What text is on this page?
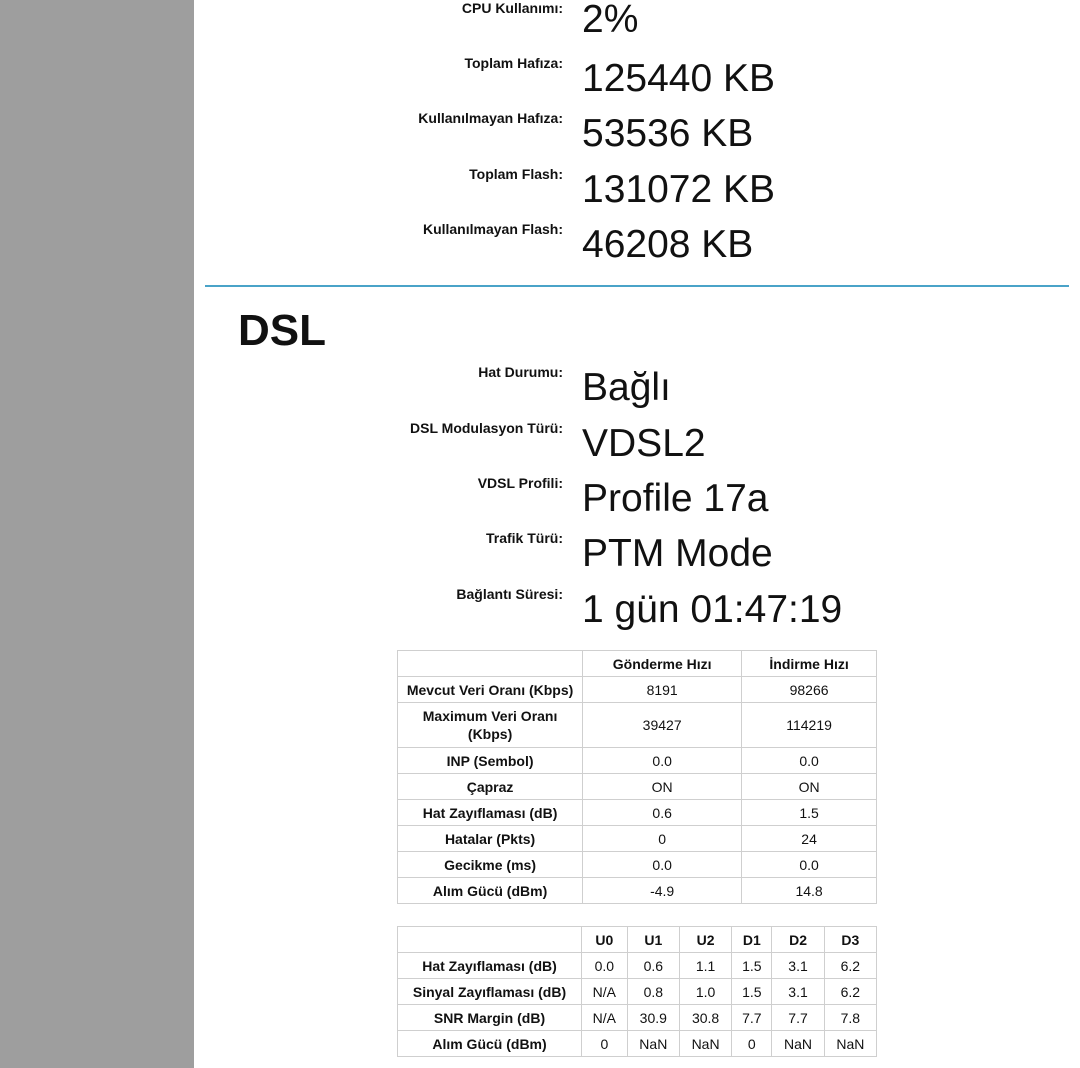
CPU Kullanımı: 2%
Toplam Hafıza: 125440 KB
Kullanılmayan Hafıza: 53536 KB
Toplam Flash: 131072 KB
Kullanılmayan Flash: 46208 KB
DSL
Hat Durumu: Bağlı
DSL Modulasyon Türü: VDSL2
VDSL Profili: Profile 17a
Trafik Türü: PTM Mode
Bağlantı Süresi: 1 gün 01:47:19
	Gönderme Hızı	İndirme Hızı
Mevcut Veri Oranı (Kbps)	8191	98266
Maximum Veri Oranı (Kbps)	39427	114219
INP (Sembol)	0.0	0.0
Çapraz	ON	ON
Hat Zayıflaması (dB)	0.6	1.5
Hatalar (Pkts)	0	24
Gecikme (ms)	0.0	0.0
Alım Gücü (dBm)	-4.9	14.8
	U0	U1	U2	D1	D2	D3
Hat Zayıflaması (dB)	0.0	0.6	1.1	1.5	3.1	6.2
Sinyal Zayıflaması (dB)	N/A	0.8	1.0	1.5	3.1	6.2
SNR Margin (dB)	N/A	30.9	30.8	7.7	7.7	7.8
Alım Gücü (dBm)	0	NaN	NaN	0	NaN	NaN
